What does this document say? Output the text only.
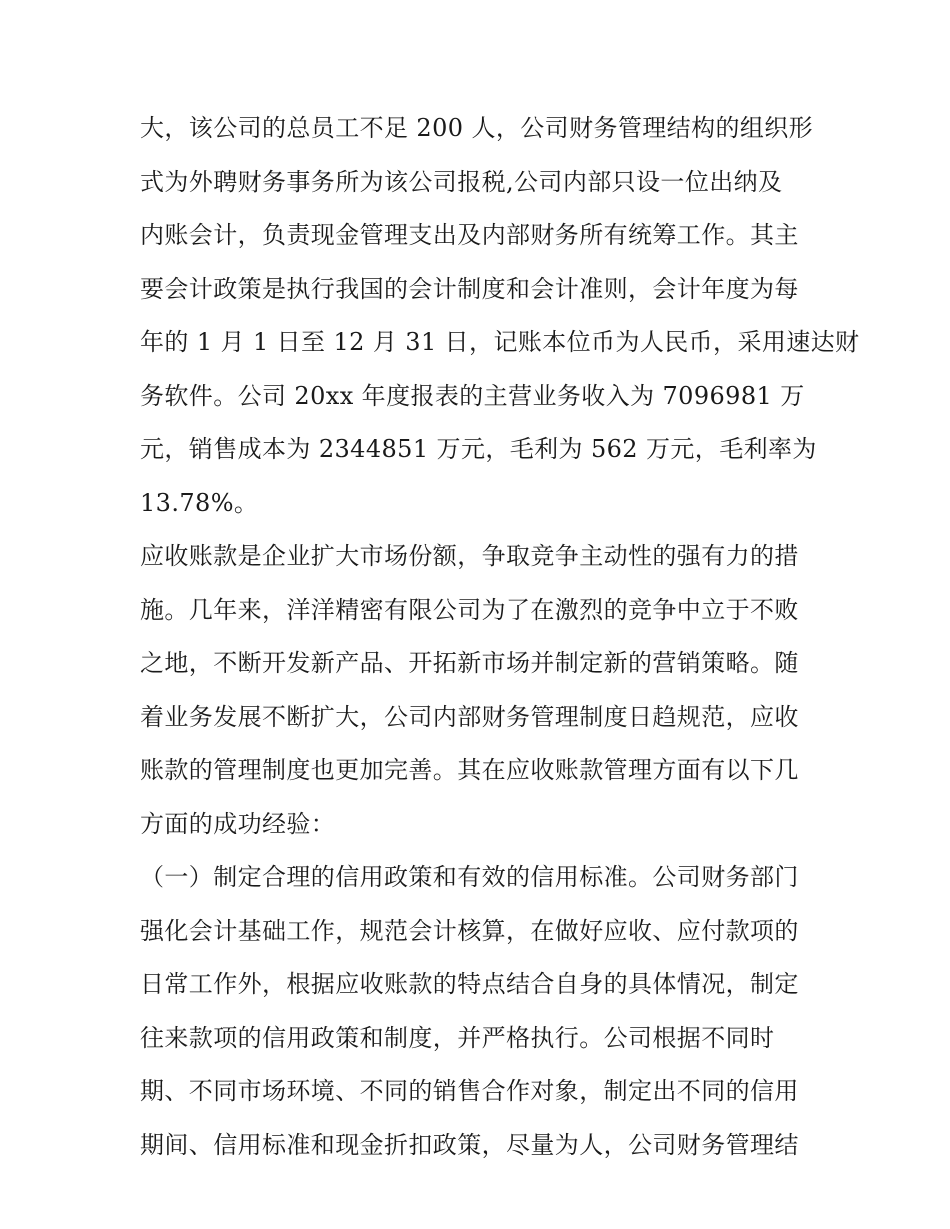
大，该公司的总员工不足 200 人，公司财务管理结构的组织形
式为外聘财务事务所为该公司报税,公司内部只设一位出纳及
内账会计，负责现金管理支出及内部财务所有统筹工作。其主
要会计政策是执行我国的会计制度和会计准则，会计年度为每
年的 1 月 1 日至 12 月 31 日，记账本位币为人民币，采用速达财
务软件。公司 20xx 年度报表的主营业务收入为 7096981 万
元，销售成本为 2344851 万元，毛利为 562 万元，毛利率为
13.78%。
应收账款是企业扩大市场份额，争取竞争主动性的强有力的措
施。几年来，洋洋精密有限公司为了在激烈的竞争中立于不败
之地，不断开发新产品、开拓新市场并制定新的营销策略。随
着业务发展不断扩大，公司内部财务管理制度日趋规范，应收
账款的管理制度也更加完善。其在应收账款管理方面有以下几
方面的成功经验：
（一）制定合理的信用政策和有效的信用标准。公司财务部门
强化会计基础工作，规范会计核算，在做好应收、应付款项的
日常工作外，根据应收账款的特点结合自身的具体情况，制定
往来款项的信用政策和制度，并严格执行。公司根据不同时
期、不同市场环境、不同的销售合作对象，制定出不同的信用
期间、信用标准和现金折扣政策，尽量为人，公司财务管理结
